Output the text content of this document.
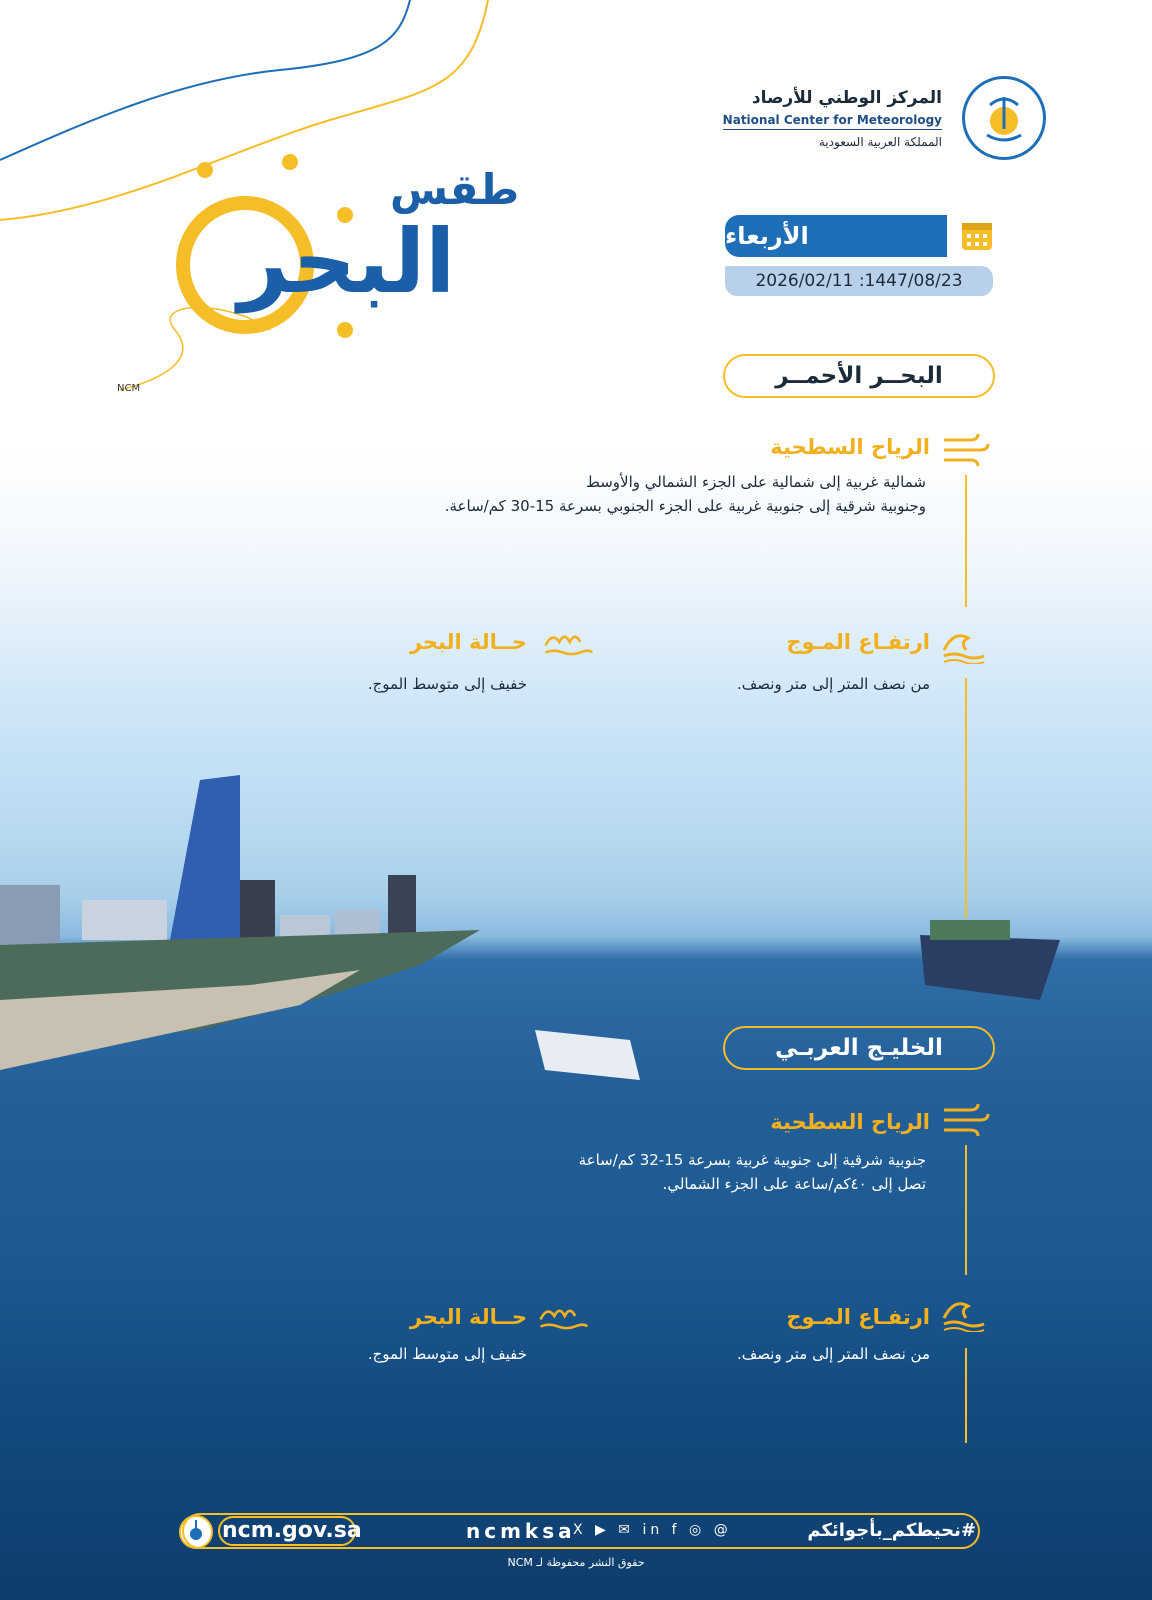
المركز الوطني للأرصاد
National Center for Meteorology
المملكة العربية السعودية
طقس
البحر
NCM
الأربعاء
2026/02/11 :1447/08/23
البحــر الأحمــر
الرياح السطحية
شمالية غربية إلى شمالية على الجزء الشمالي والأوسط
وجنوبية شرقية إلى جنوبية غربية على الجزء الجنوبي بسرعة 15-30 كم/ساعة.
ارتفـاع المـوج
من نصف المتر إلى متر ونصف.
حــالة البحر
خفيف إلى متوسط الموج.
الخليـج العربـي
الرياح السطحية
جنوبية شرقية إلى جنوبية غربية بسرعة 15-32 كم/ساعة
تصل إلى ٤٠كم/ساعة على الجزء الشمالي.
ارتفـاع المـوج
من نصف المتر إلى متر ونصف.
حــالة البحر
خفيف إلى متوسط الموج.
ncm.gov.sa	ncmksa
X ▶ ✉ in f ◎ @	#نحيطكم_بأجوائكم
حقوق النشر محفوظة لـ NCM
